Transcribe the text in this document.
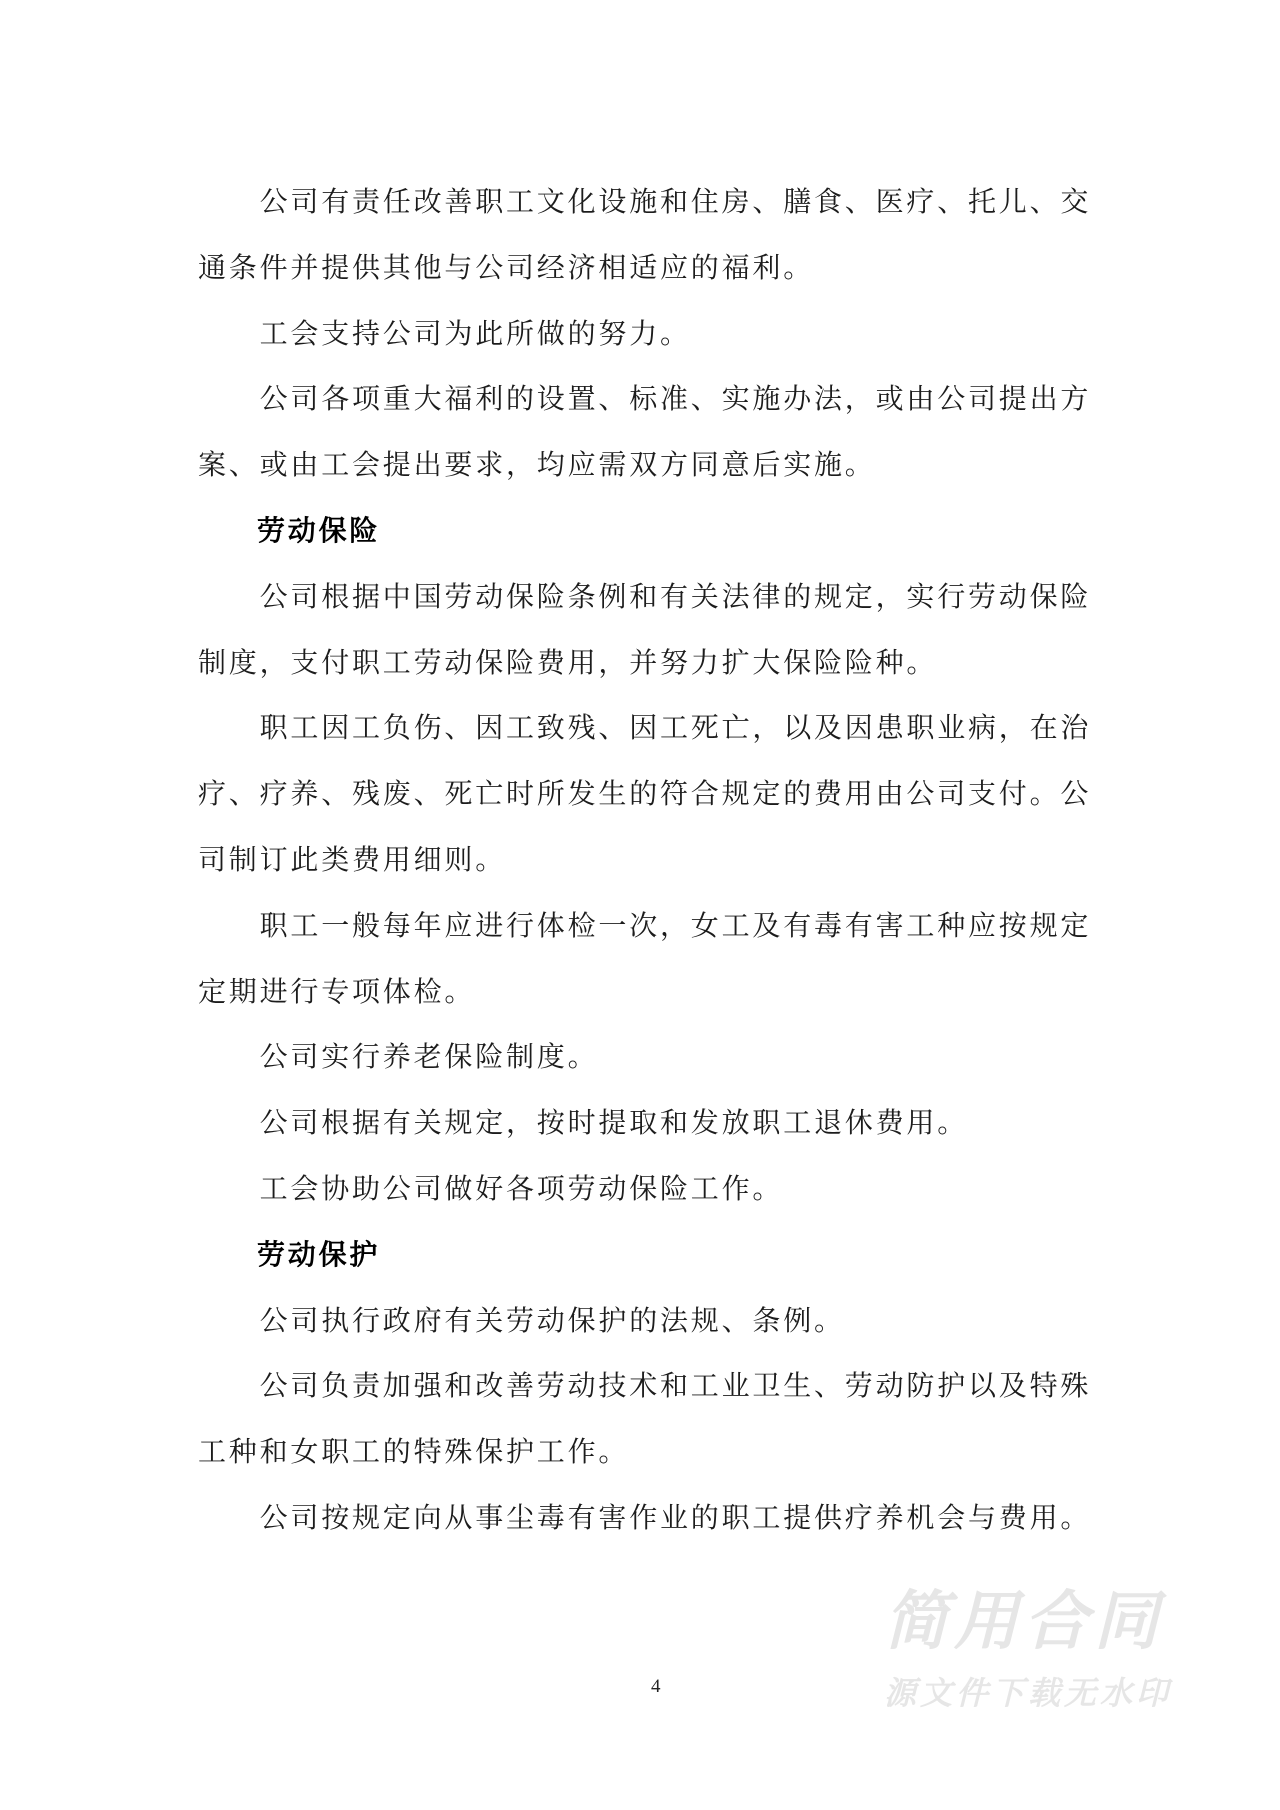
公司有责任改善职工文化设施和住房、膳食、医疗、托儿、交
通条件并提供其他与公司经济相适应的福利。
工会支持公司为此所做的努力。
公司各项重大福利的设置、标准、实施办法，或由公司提出方
案、或由工会提出要求，均应需双方同意后实施。
劳动保险
公司根据中国劳动保险条例和有关法律的规定，实行劳动保险
制度，支付职工劳动保险费用，并努力扩大保险险种。
职工因工负伤、因工致残、因工死亡，以及因患职业病，在治
疗、疗养、残废、死亡时所发生的符合规定的费用由公司支付。公
司制订此类费用细则。
职工一般每年应进行体检一次，女工及有毒有害工种应按规定
定期进行专项体检。
公司实行养老保险制度。
公司根据有关规定，按时提取和发放职工退休费用。
工会协助公司做好各项劳动保险工作。
劳动保护
公司执行政府有关劳动保护的法规、条例。
公司负责加强和改善劳动技术和工业卫生、劳动防护以及特殊
工种和女职工的特殊保护工作。
公司按规定向从事尘毒有害作业的职工提供疗养机会与费用。
4
简用合同
源文件下载无水印
